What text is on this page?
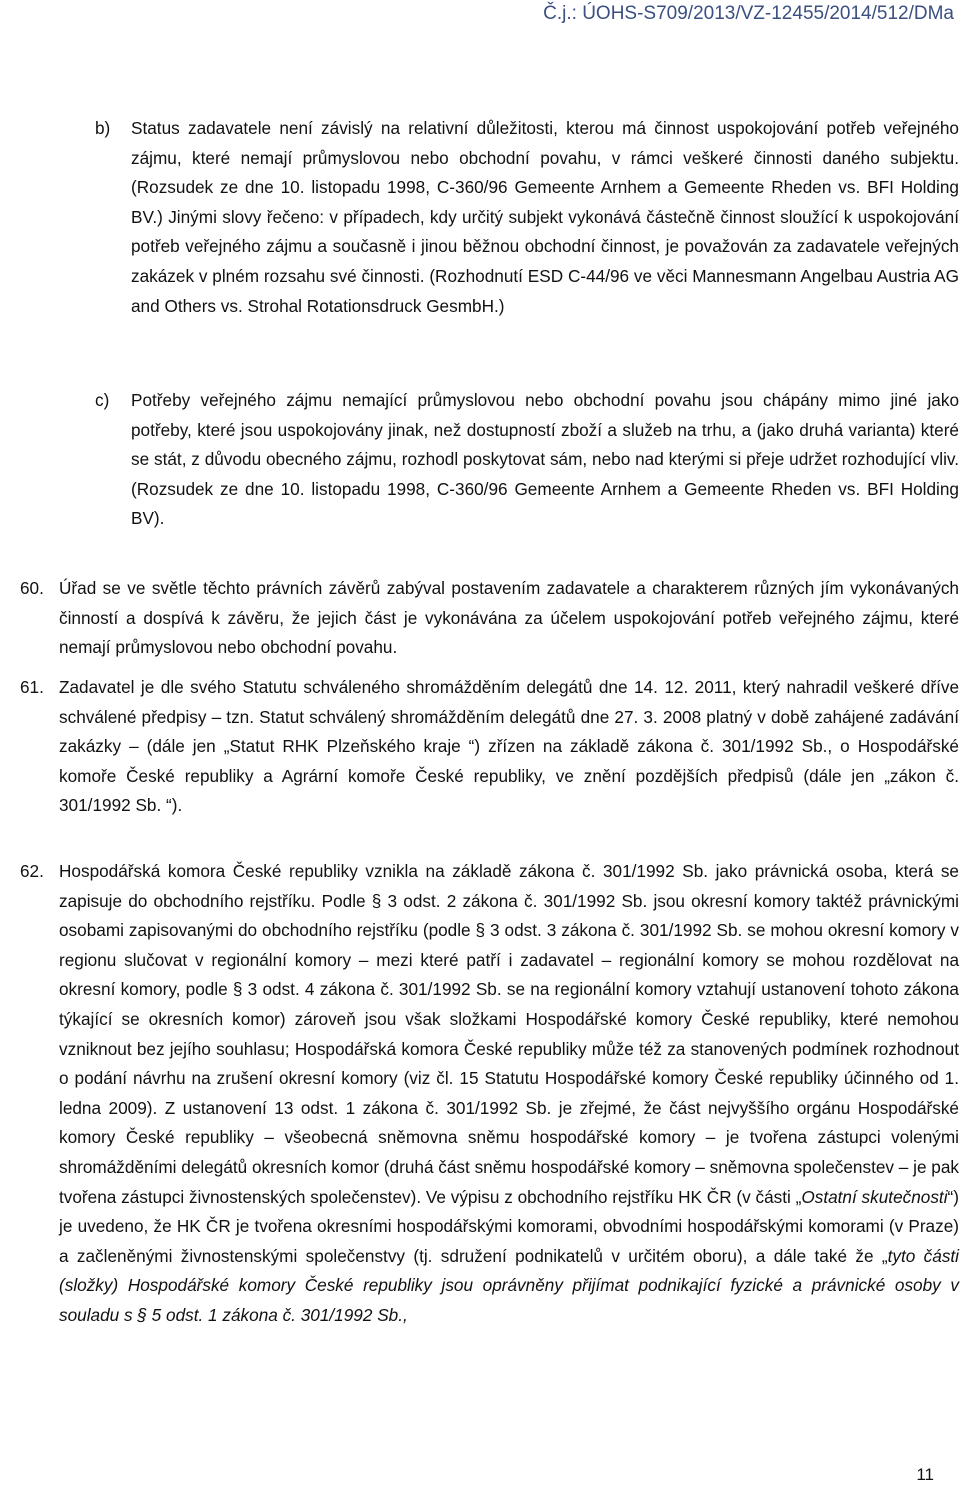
Č.j.: ÚOHS-S709/2013/VZ-12455/2014/512/DMa
b) Status zadavatele není závislý na relativní důležitosti, kterou má činnost uspokojování potřeb veřejného zájmu, které nemají průmyslovou nebo obchodní povahu, v rámci veškeré činnosti daného subjektu. (Rozsudek ze dne 10. listopadu 1998, C-360/96 Gemeente Arnhem a Gemeente Rheden vs. BFI Holding BV.) Jinými slovy řečeno: v případech, kdy určitý subjekt vykonává částečně činnost sloužící k uspokojování potřeb veřejného zájmu a současně i jinou běžnou obchodní činnost, je považován za zadavatele veřejných zakázek v plném rozsahu své činnosti. (Rozhodnutí ESD C-44/96 ve věci Mannesmann Angelbau Austria AG and Others vs. Strohal Rotationsdruck GesmbH.)
c) Potřeby veřejného zájmu nemající průmyslovou nebo obchodní povahu jsou chápány mimo jiné jako potřeby, které jsou uspokojovány jinak, než dostupností zboží a služeb na trhu, a (jako druhá varianta) které se stát, z důvodu obecného zájmu, rozhodl poskytovat sám, nebo nad kterými si přeje udržet rozhodující vliv. (Rozsudek ze dne 10. listopadu 1998, C-360/96 Gemeente Arnhem a Gemeente Rheden vs. BFI Holding BV).
60. Úřad se ve světle těchto právních závěrů zabýval postavením zadavatele a charakterem různých jím vykonávaných činností a dospívá k závěru, že jejich část je vykonávána za účelem uspokojování potřeb veřejného zájmu, které nemají průmyslovou nebo obchodní povahu.
61. Zadavatel je dle svého Statutu schváleného shromážděním delegátů dne 14. 12. 2011, který nahradil veškeré dříve schválené předpisy – tzn. Statut schválený shromážděním delegátů dne 27. 3. 2008 platný v době zahájené zadávání zakázky – (dále jen „Statut RHK Plzeňského kraje “) zřízen na základě zákona č. 301/1992 Sb., o Hospodářské komoře České republiky a Agrární komoře České republiky, ve znění pozdějších předpisů (dále jen „zákon č. 301/1992 Sb. “).
62. Hospodářská komora České republiky vznikla na základě zákona č. 301/1992 Sb. jako právnická osoba, která se zapisuje do obchodního rejstříku. Podle § 3 odst. 2 zákona č. 301/1992 Sb. jsou okresní komory taktéž právnickými osobami zapisovanými do obchodního rejstříku (podle § 3 odst. 3 zákona č. 301/1992 Sb. se mohou okresní komory v regionu slučovat v regionální komory – mezi které patří i zadavatel – regionální komory se mohou rozdělovat na okresní komory, podle § 3 odst. 4 zákona č. 301/1992 Sb. se na regionální komory vztahují ustanovení tohoto zákona týkající se okresních komor) zároveň jsou však složkami Hospodářské komory České republiky, které nemohou vzniknout bez jejího souhlasu; Hospodářská komora České republiky může též za stanovených podmínek rozhodnout o podání návrhu na zrušení okresní komory (viz čl. 15 Statutu Hospodářské komory České republiky účinného od 1. ledna 2009). Z ustanovení 13 odst. 1 zákona č. 301/1992 Sb. je zřejmé, že část nejvyššího orgánu Hospodářské komory České republiky – všeobecná sněmovna sněmu hospodářské komory – je tvořena zástupci volenými shromážděními delegátů okresních komor (druhá část sněmu hospodářské komory – sněmovna společenstev – je pak tvořena zástupci živnostenských společenstev). Ve výpisu z obchodního rejstříku HK ČR (v části „Ostatní skutečnosti“) je uvedeno, že HK ČR je tvořena okresními hospodářskými komorami, obvodními hospodářskými komorami (v Praze) a začleněnými živnostenskými společenstvy (tj. sdružení podnikatelů v určitém oboru), a dále také že „tyto části (složky) Hospodářské komory České republiky jsou oprávněny přijímat podnikající fyzické a právnické osoby v souladu s § 5 odst. 1 zákona č. 301/1992 Sb.,
11
